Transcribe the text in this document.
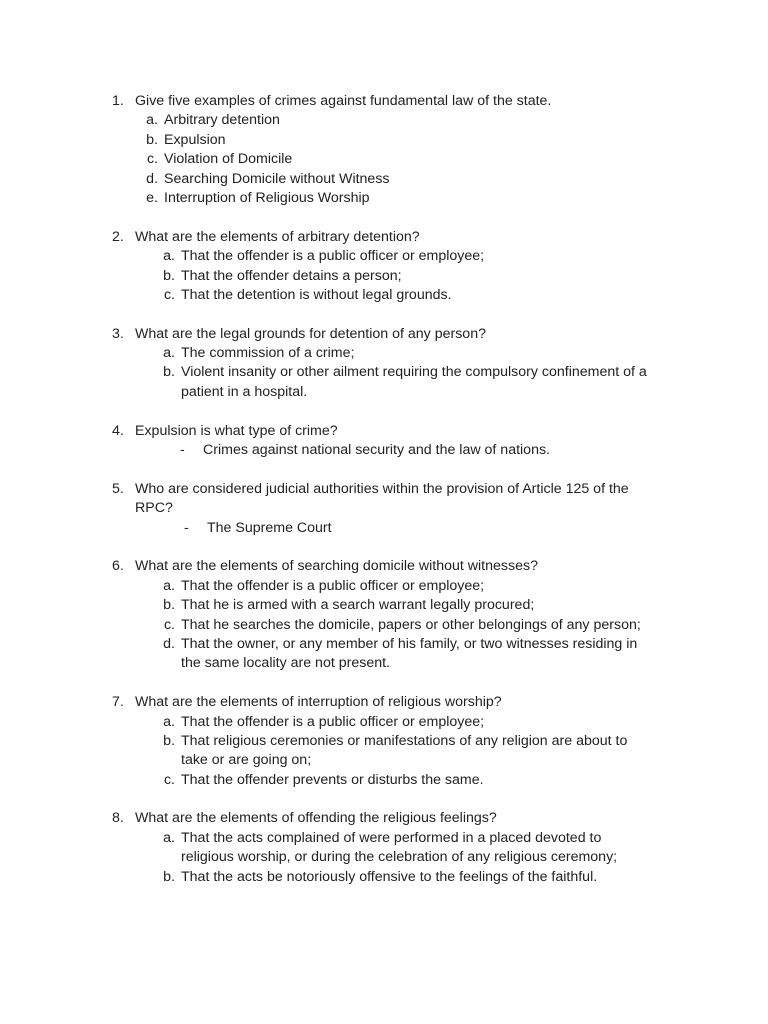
1. Give five examples of crimes against fundamental law of the state.
a. Arbitrary detention
b. Expulsion
c. Violation of Domicile
d. Searching Domicile without Witness
e. Interruption of Religious Worship
2. What are the elements of arbitrary detention?
a. That the offender is a public officer or employee;
b. That the offender detains a person;
c. That the detention is without legal grounds.
3. What are the legal grounds for detention of any person?
a. The commission of a crime;
b. Violent insanity or other ailment requiring the compulsory confinement of a
patient in a hospital.
4. Expulsion is what type of crime?
-	Crimes against national security and the law of nations.
5. Who are considered judicial authorities within the provision of Article 125 of the
RPC?
-	The Supreme Court
6. What are the elements of searching domicile without witnesses?
a. That the offender is a public officer or employee;
b. That he is armed with a search warrant legally procured;
c. That he searches the domicile, papers or other belongings of any person;
d. That the owner, or any member of his family, or two witnesses residing in
the same locality are not present.
7. What are the elements of interruption of religious worship?
a. That the offender is a public officer or employee;
b. That religious ceremonies or manifestations of any religion are about to
take or are going on;
c. That the offender prevents or disturbs the same.
8. What are the elements of offending the religious feelings?
a. That the acts complained of were performed in a placed devoted to
religious worship, or during the celebration of any religious ceremony;
b. That the acts be notoriously offensive to the feelings of the faithful.
